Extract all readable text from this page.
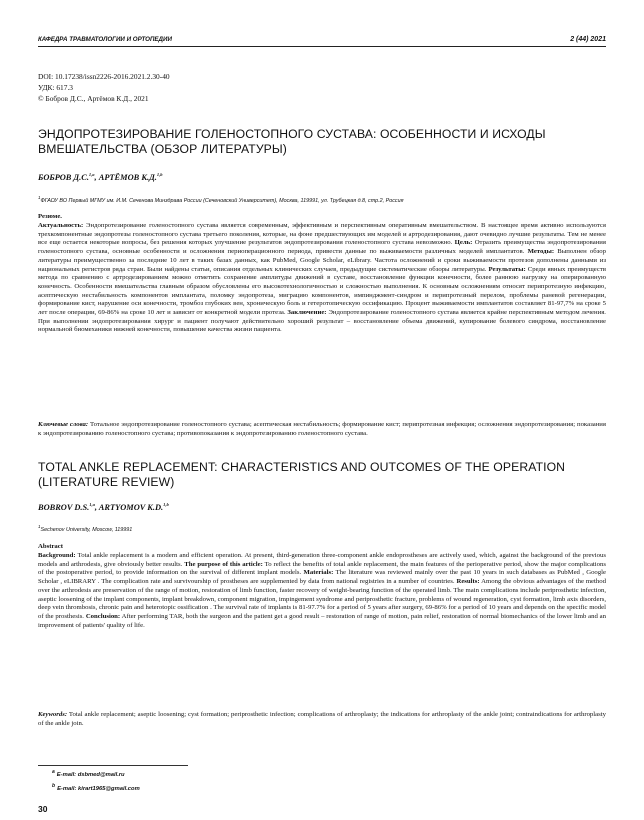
КАФЕДРА ТРАВМАТОЛОГИИ И ОРТОПЕДИИ	2 (44) 2021
DOI: 10.17238/issn2226-2016.2021.2.30-40
УДК: 617.3
© Бобров Д.С., Артёмов К.Д., 2021
ЭНДОПРОТЕЗИРОВАНИЕ ГОЛЕНОСТОПНОГО СУСТАВА: ОСОБЕННОСТИ И ИСХОДЫ ВМЕШАТЕЛЬСТВА (ОБЗОР ЛИТЕРАТУРЫ)
БОБРОВ Д.С.$^{1,a}$, АРТЁМОВ К.Д.$^{1,b}$
$^1$ФГАОУ ВО Первый МГМУ им. И.М. Сеченова Минздрава России (Сеченовский Университет), Москва, 119991, ул. Трубецкая д.8, стр.2, Россия
Резюме.
Актуальность: Эндопротезирование голеностопного сустава является современным, эффективным и перспективным оперативным вмешательством. В настоящее время активно используются трехкомпонентные эндопротезы голеностопного сустава третьего поколения, которые, на фоне предшествующих им моделей и артродезирования, дают очевидно лучшие результаты. Тем не менее все еще остается некоторые вопросы, без решения которых улучшение результатов эндопротезирования голеностопного сустава невозможно. Цель: Отразить преимущества эндопротезирования голеностопного сустава, основные особенности и осложнения периоперационного периода, привести данные по выживаемости различных моделей имплантатов. Методы: Выполнен обзор литературы преимущественно за последние 10 лет в таких базах данных, как PubMed, Google Scholar, eLibrary. Частота осложнений и сроки выживаемости протезов дополнены данными из национальных регистров ряда стран. Были найдены статьи, описания отдельных клинических случаев, предыдущие систематические обзоры литературы. Результаты: Среди явных преимуществ метода по сравнению с артродезированием можно отметить сохранение амплитуды движений в суставе, восстановление функции конечности, более раннюю нагрузку на оперированную конечность. Особенности вмешательства главным образом обусловлены его высокотехнологичностью и сложностью выполнения. К основным осложнениям относят перипротезную инфекцию, асептическую нестабильность компонентов имплантата, поломку эндопротеза, миграцию компонентов, импинджмент-синдром и перипротезный перелом, проблемы раневой регенерации, формирование кист, нарушение оси конечности, тромбоз глубоких вен, хроническую боль и гетеротопическую оссификацию. Процент выживаемости имплантатов составляет 81-97,7% на сроке 5 лет после операции, 69-86% на сроке 10 лет и зависит от конкретной модели протеза. Заключение: Эндопротезирование голеностопного сустава является крайне перспективным методом лечения. При выполнении эндопротезирования хирург и пациент получают действительно хороший результат – восстановление объема движений, купирование болевого синдрома, восстановление нормальной биомеханики нижней конечности, повышение качества жизни пациента.
Ключевые слова: Тотальное эндопротезирование голеностопного сустава; асептическая нестабильность; формирование кист; перипротезная инфекция; осложнения эндопротезирования; показания к эндопротезированию голеностопного сустава; противопоказания к эндопротезированию голеностопного сустава.
TOTAL ANKLE REPLACEMENT: CHARACTERISTICS AND OUTCOMES OF THE OPERATION (LITERATURE REVIEW)
BOBROV D.S.$^{1,a}$, ARTYOMOV K.D.$^{1,b}$
$^1$Sechenov University, Moscow, 119991
Abstract
Background: Total ankle replacement is a modern and efficient operation. At present, third-generation three-component ankle endoprostheses are actively used, which, against the background of the previous models and arthrodesis, give obviously better results. The purpose of this article: To reflect the benefits of total ankle replacement, the main features of the perioperative period, show the major complications of the postoperative period, to provide information on the survival of different implant models. Materials: The literature was reviewed mainly over the past 10 years in such databases as PubMed , Google Scholar , eLIBRARY . The complication rate and survivourship of prostheses are supplemented by data from national registries in a number of countries. Results: Among the obvious advantages of the method over the arthrodesis are preservation of the range of motion, restoration of limb function, faster recovery of weight-bearing function of the operated limb. The main complications include periprosthetic infection, aseptic loosening of the implant components, implant breakdown, component migration, impingement syndrome and periprosthetic fracture, problems of wound regeneration, cyst formation, limb axis disorders, deep vein thrombosis, chronic pain and heterotopic ossification . The survival rate of implants is 81-97.7% for a period of 5 years after surgery, 69-86% for a period of 10 years and depends on the specific model of the prosthesis. Conclusion: After performing TAR, both the surgeon and the patient get a good result – restoration of range of motion, pain relief, restoration of normal biomechanics of the lower limb and an improvement of patients' quality of life.
Keywords: Total ankle replacement; aseptic loosening; cyst formation; periprosthetic infection; complications of arthroplasty; the indications for arthroplasty of the ankle joint; contraindications for arthroplasty of the ankle join.
$^a$ E-mail: dsbmed@mail.ru
$^b$ E-mail: kirart1965@gmail.com
30
